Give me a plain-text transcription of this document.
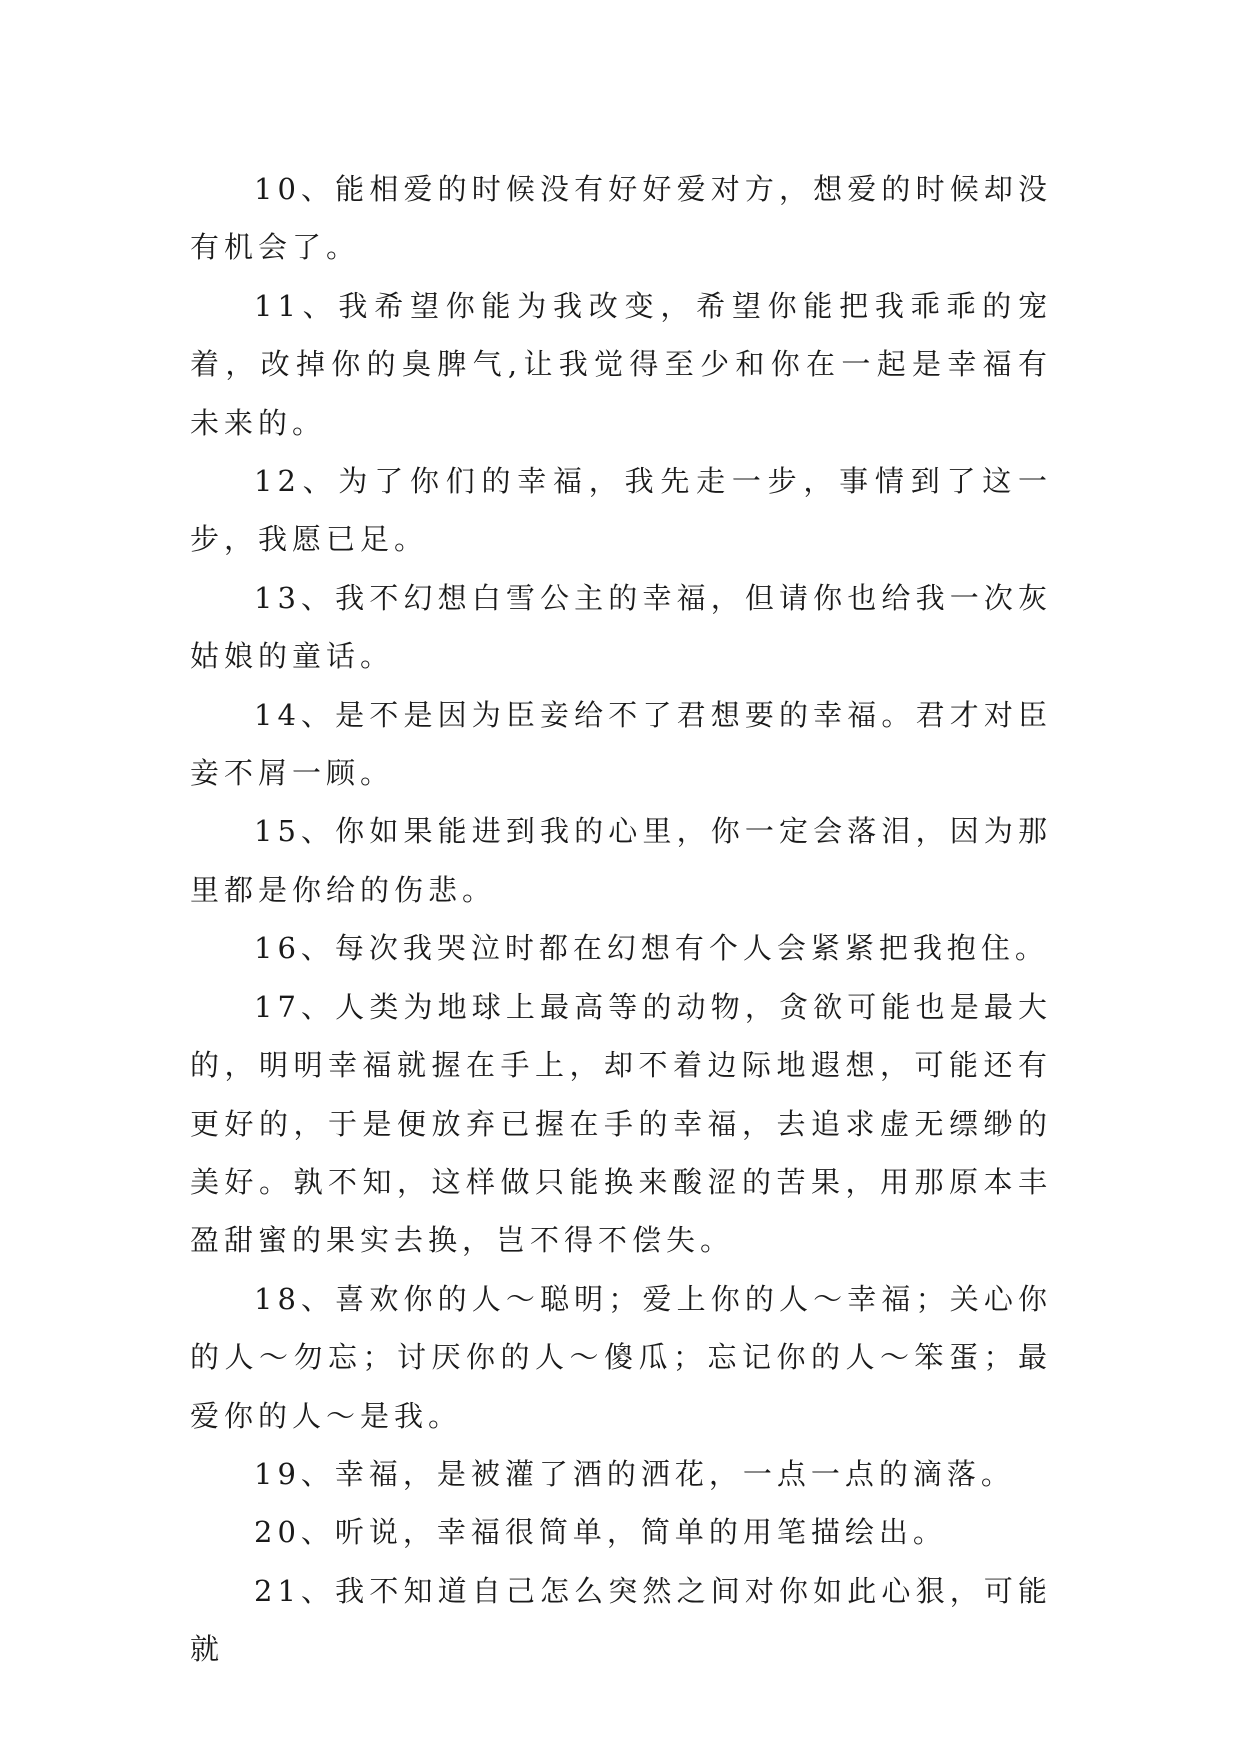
10、能相爱的时候没有好好爱对方，想爱的时候却没有机会了。

11、我希望你能为我改变，希望你能把我乖乖的宠着，改掉你的臭脾气,让我觉得至少和你在一起是幸福有未来的。

12、为了你们的幸福，我先走一步，事情到了这一步，我愿已足。

13、我不幻想白雪公主的幸福，但请你也给我一次灰姑娘的童话。

14、是不是因为臣妾给不了君想要的幸福。君才对臣妾不屑一顾。

15、你如果能进到我的心里，你一定会落泪，因为那里都是你给的伤悲。

16、每次我哭泣时都在幻想有个人会紧紧把我抱住。

17、人类为地球上最高等的动物，贪欲可能也是最大的，明明幸福就握在手上，却不着边际地遐想，可能还有更好的，于是便放弃已握在手的幸福，去追求虚无缥缈的美好。孰不知，这样做只能换来酸涩的苦果，用那原本丰盈甜蜜的果实去换，岂不得不偿失。

18、喜欢你的人～聪明；爱上你的人～幸福；关心你的人～勿忘；讨厌你的人～傻瓜；忘记你的人～笨蛋；最爱你的人～是我。

19、幸福，是被灌了酒的洒花，一点一点的滴落。

20、听说，幸福很简单，简单的用笔描绘出。

21、我不知道自己怎么突然之间对你如此心狠，可能就
